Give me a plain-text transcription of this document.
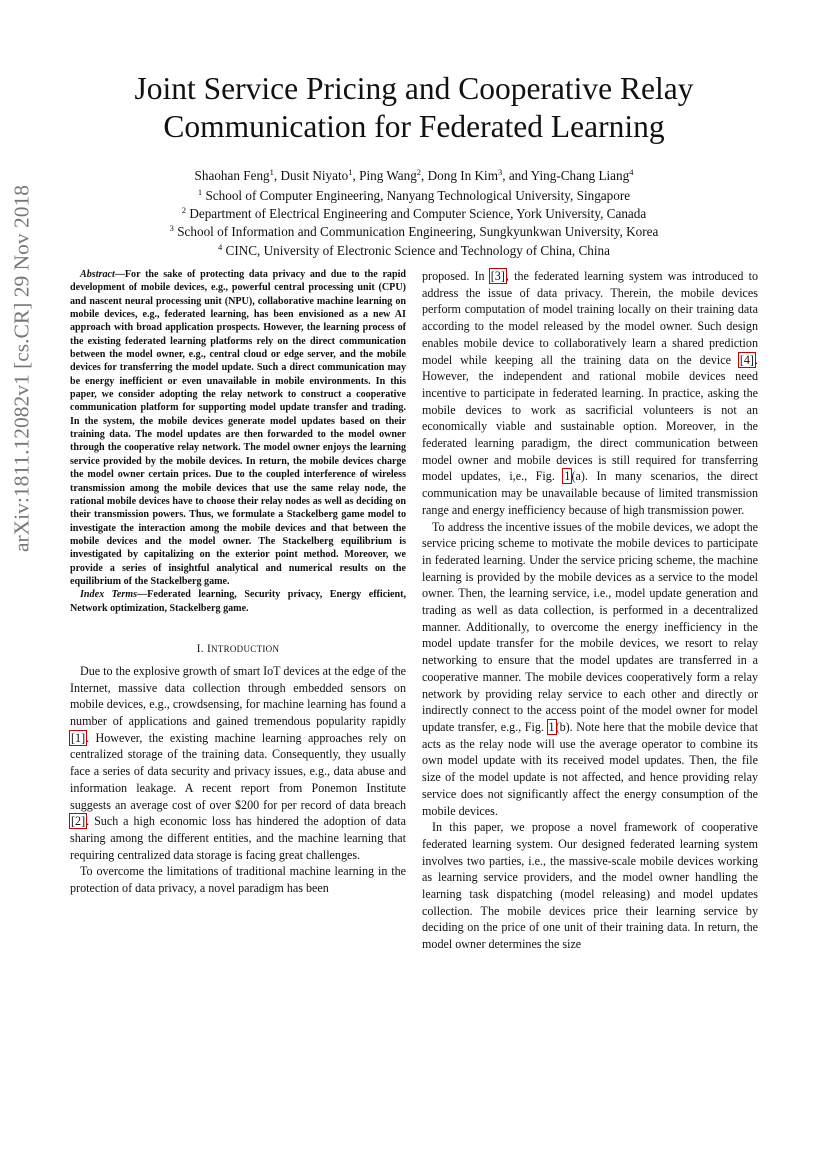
Joint Service Pricing and Cooperative Relay
Communication for Federated Learning
Shaohan Feng$^1$, Dusit Niyato$^1$, Ping Wang$^2$, Dong In Kim$^3$, and Ying-Chang Liang$^4$
$^1$ School of Computer Engineering, Nanyang Technological University, Singapore
$^2$ Department of Electrical Engineering and Computer Science, York University, Canada
$^3$ School of Information and Communication Engineering, Sungkyunkwan University, Korea
$^4$ CINC, University of Electronic Science and Technology of China, China
arXiv:1811.12082v1 [cs.CR] 29 Nov 2018	Abstract—For the sake of protecting data privacy and due to the rapid development of mobile devices, e.g., powerful central processing unit (CPU) and nascent neural processing unit (NPU), collaborative machine learning on mobile devices, e.g., federated learning, has been envisioned as a new AI approach with broad application prospects. However, the learning process of the existing federated learning platforms rely on the direct communication between the model owner, e.g., central cloud or edge server, and the mobile devices for transferring the model update. Such a direct communication may be energy inefficient or even unavailable in mobile environments. In this paper, we consider adopting the relay network to construct a cooperative communication platform for supporting model update transfer and trading. In the system, the mobile devices generate model updates based on their training data. The model updates are then forwarded to the model owner through the cooperative relay network. The model owner enjoys the learning service provided by the mobile devices. In return, the mobile devices charge the model owner certain prices. Due to the coupled interference of wireless transmission among the mobile devices that use the same relay node, the rational mobile devices have to choose their relay nodes as well as deciding on their transmission powers. Thus, we formulate a Stackelberg game model to investigate the interaction among the mobile devices and that between the mobile devices and the model owner. The Stackelberg equilibrium is investigated by capitalizing on the exterior point method. Moreover, we provide a series of insightful analytical and numerical results on the equilibrium of the Stackelberg game.

Index Terms—Federated learning, Security privacy, Energy efficient, Network optimization, Stackelberg game.

I. INTRODUCTION

Due to the explosive growth of smart IoT devices at the edge of the Internet, massive data collection through embedded sensors on mobile devices, e.g., crowdsensing, for machine learning has found a number of applications and gained tremendous popularity rapidly [1]. However, the existing machine learning approaches rely on centralized storage of the training data. Consequently, they usually face a series of data security and privacy issues, e.g., data abuse and information leakage. A recent report from Ponemon Institute suggests an average cost of over $200 for per record of data breach [2]. Such a high economic loss has hindered the adoption of data sharing among the different entities, and the machine learning that requiring centralized data storage is facing great challenges.

To overcome the limitations of traditional machine learning in the protection of data privacy, a novel paradigm has been

proposed. In [3], the federated learning system was introduced to address the issue of data privacy. Therein, the mobile devices perform computation of model training locally on their training data according to the model released by the model owner. Such design enables mobile device to collaboratively learn a shared prediction model while keeping all the training data on the device [4]. However, the independent and rational mobile devices need incentive to participate in federated learning. In practice, asking the mobile devices to work as sacrificial volunteers is not an economically viable and sustainable option. Moreover, in the federated learning paradigm, the direct communication between model owner and mobile devices is still required for transferring model updates, i,e., Fig. 1(a). In many scenarios, the direct communication may be unavailable because of limited transmission range and energy inefficiency because of high transmission power.

To address the incentive issues of the mobile devices, we adopt the service pricing scheme to motivate the mobile devices to participate in federated learning. Under the service pricing scheme, the machine learning is provided by the mobile devices as a service to the model owner. Then, the learning service, i.e., model update generation and trading as well as data collection, is performed in a decentralized manner. Additionally, to overcome the energy inefficiency in the model update transfer for the mobile devices, we resort to relay networking to ensure that the model updates are transferred in a cooperative manner. The mobile devices cooperatively form a relay network by providing relay service to each other and directly or indirectly connect to the access point of the model owner for model update transfer, e.g., Fig. 1(b). Note here that the mobile device that acts as the relay node will use the average operator to combine its own model update with its received model updates. Then, the file size of the model update is not affected, and hence providing relay service does not significantly affect the energy consumption of the mobile devices.

In this paper, we propose a novel framework of cooperative federated learning system. Our designed federated learning system involves two parties, i.e., the massive-scale mobile devices working as learning service providers, and the model owner handling the learning task dispatching (model releasing) and model updates collection. The mobile devices price their learning service by deciding on the price of one unit of their training data. In return, the model owner determines the size
